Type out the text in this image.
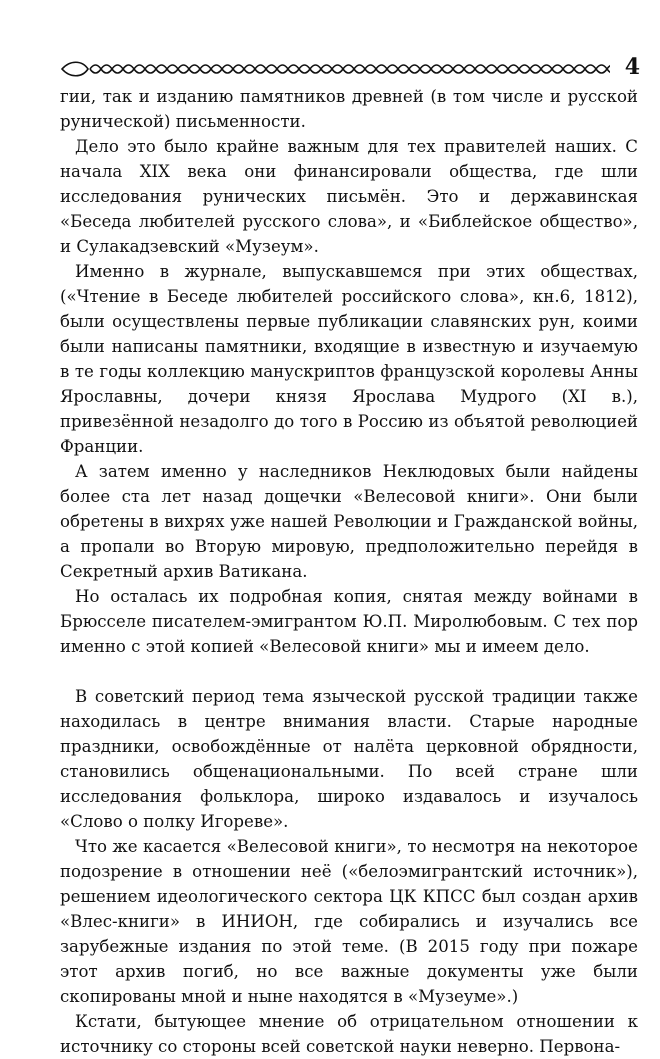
4

гии, так и изданию памятников древней (в том числе и русской рунической) письменности.

Дело это было крайне важным для тех правителей наших. С начала XIX века они финансировали общества, где шли исследования рунических письмён. Это и державинская «Беседа любителей русского слова», и «Библейское общество», и Сулакадзевский «Музеум».

Именно в журнале, выпускавшемся при этих обществах, («Чтение в Беседе любителей российского слова», кн.6, 1812), были осуществлены первые публикации славянских рун, коими были написаны памятники, входящие в известную и изучаемую в те годы коллекцию манускриптов французской королевы Анны Ярославны, дочери князя Ярослава Мудрого (XI в.), привезённой незадолго до того в Россию из объятой революцией Франции.

А затем именно у наследников Неклюдовых были найдены более ста лет назад дощечки «Велесовой книги». Они были обретены в вихрях уже нашей Революции и Гражданской войны, а пропали во Вторую мировую, предположительно перейдя в Секретный архив Ватикана.

Но осталась их подробная копия, снятая между войнами в Брюсселе писателем-эмигрантом Ю.П. Миролюбовым. С тех пор именно с этой копией «Велесовой книги» мы и имеем дело.

В советский период тема языческой русской традиции также находилась в центре внимания власти. Старые народные праздники, освобождённые от налёта церковной обрядности, становились общенациональными. По всей стране шли исследования фольклора, широко издавалось и изучалось «Слово о полку Игореве».

Что же касается «Велесовой книги», то несмотря на некоторое подозрение в отношении неё («белоэмигрантский источник»), решением идеологического сектора ЦК КПСС был создан архив «Влес-книги» в ИНИОН, где собирались и изучались все зарубежные издания по этой теме. (В 2015 году при пожаре этот архив погиб, но все важные документы уже были скопированы мной и ныне находятся в «Музеуме».)

Кстати, бытующее мнение об отрицательном отношении к источнику со стороны всей советской науки неверно. Первона-
